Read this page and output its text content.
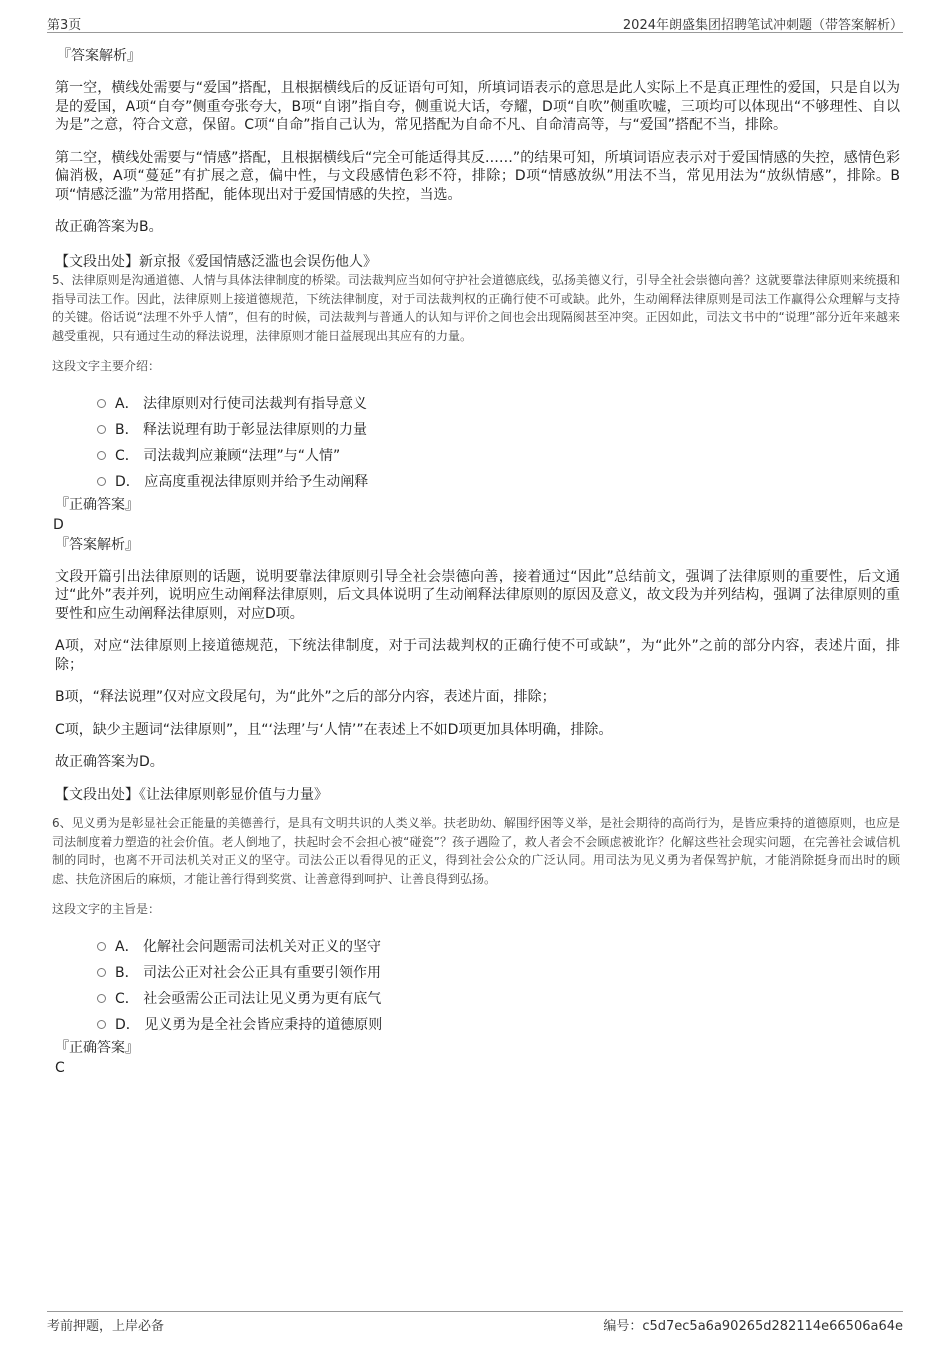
第3页	2024年朗盛集团招聘笔试冲刺题（带答案解析）

『答案解析』

第一空，横线处需要与“爱国”搭配，且根据横线后的反证语句可知，所填词语表示的意思是此人实际上不是真正理性的爱国，只是自以为是的爱国，A项“自夸”侧重夸张夸大，B项“自诩”指自夸，侧重说大话，夸耀，D项“自吹”侧重吹嘘，三项均可以体现出“不够理性、自以为是”之意，符合文意，保留。C项“自命”指自己认为，常见搭配为自命不凡、自命清高等，与“爱国”搭配不当，排除。

第二空，横线处需要与“情感”搭配，且根据横线后“完全可能适得其反……”的结果可知，所填词语应表示对于爱国情感的失控，感情色彩偏消极，A项“蔓延”有扩展之意，偏中性，与文段感情色彩不符，排除；D项“情感放纵”用法不当，常见用法为“放纵情感”，排除。B项“情感泛滥”为常用搭配，能体现出对于爱国情感的失控，当选。

故正确答案为B。

【文段出处】新京报《爱国情感泛滥也会误伤他人》

5、法律原则是沟通道德、人情与具体法律制度的桥梁。司法裁判应当如何守护社会道德底线，弘扬美德义行，引导全社会崇德向善？这就要靠法律原则来统摄和指导司法工作。因此，法律原则上接道德规范，下统法律制度，对于司法裁判权的正确行使不可或缺。此外，生动阐释法律原则是司法工作赢得公众理解与支持的关键。俗话说“法理不外乎人情”，但有的时候，司法裁判与普通人的认知与评价之间也会出现隔阂甚至冲突。正因如此，司法文书中的“说理”部分近年来越来越受重视，只有通过生动的释法说理，法律原则才能日益展现出其应有的力量。

这段文字主要介绍：

A． 法律原则对行使司法裁判有指导意义
B． 释法说理有助于彰显法律原则的力量
C． 司法裁判应兼顾“法理”与“人情”
D． 应高度重视法律原则并给予生动阐释

『正确答案』

D

『答案解析』

文段开篇引出法律原则的话题，说明要靠法律原则引导全社会崇德向善，接着通过“因此”总结前文，强调了法律原则的重要性，后文通过“此外”表并列，说明应生动阐释法律原则，后文具体说明了生动阐释法律原则的原因及意义，故文段为并列结构，强调了法律原则的重要性和应生动阐释法律原则，对应D项。

A项，对应“法律原则上接道德规范，下统法律制度，对于司法裁判权的正确行使不可或缺”，为“此外”之前的部分内容，表述片面，排除；

B项，“释法说理”仅对应文段尾句，为“此外”之后的部分内容，表述片面，排除；

C项，缺少主题词“法律原则”，且“‘法理’与‘人情’”在表述上不如D项更加具体明确，排除。

故正确答案为D。

【文段出处】《让法律原则彰显价值与力量》

6、见义勇为是彰显社会正能量的美德善行，是具有文明共识的人类义举。扶老助幼、解围纾困等义举，是社会期待的高尚行为，是皆应秉持的道德原则，也应是司法制度着力塑造的社会价值。老人倒地了，扶起时会不会担心被“碰瓷”？孩子遇险了，救人者会不会顾虑被讹诈？化解这些社会现实问题，在完善社会诚信机制的同时，也离不开司法机关对正义的坚守。司法公正以看得见的正义，得到社会公众的广泛认同。用司法为见义勇为者保驾护航，才能消除挺身而出时的顾虑、扶危济困后的麻烦，才能让善行得到奖赏、让善意得到呵护、让善良得到弘扬。

这段文字的主旨是：

A． 化解社会问题需司法机关对正义的坚守
B． 司法公正对社会公正具有重要引领作用
C． 社会亟需公正司法让见义勇为更有底气
D． 见义勇为是全社会皆应秉持的道德原则

『正确答案』

C

考前押题，上岸必备	编号：c5d7ec5a6a90265d282114e66506a64e
